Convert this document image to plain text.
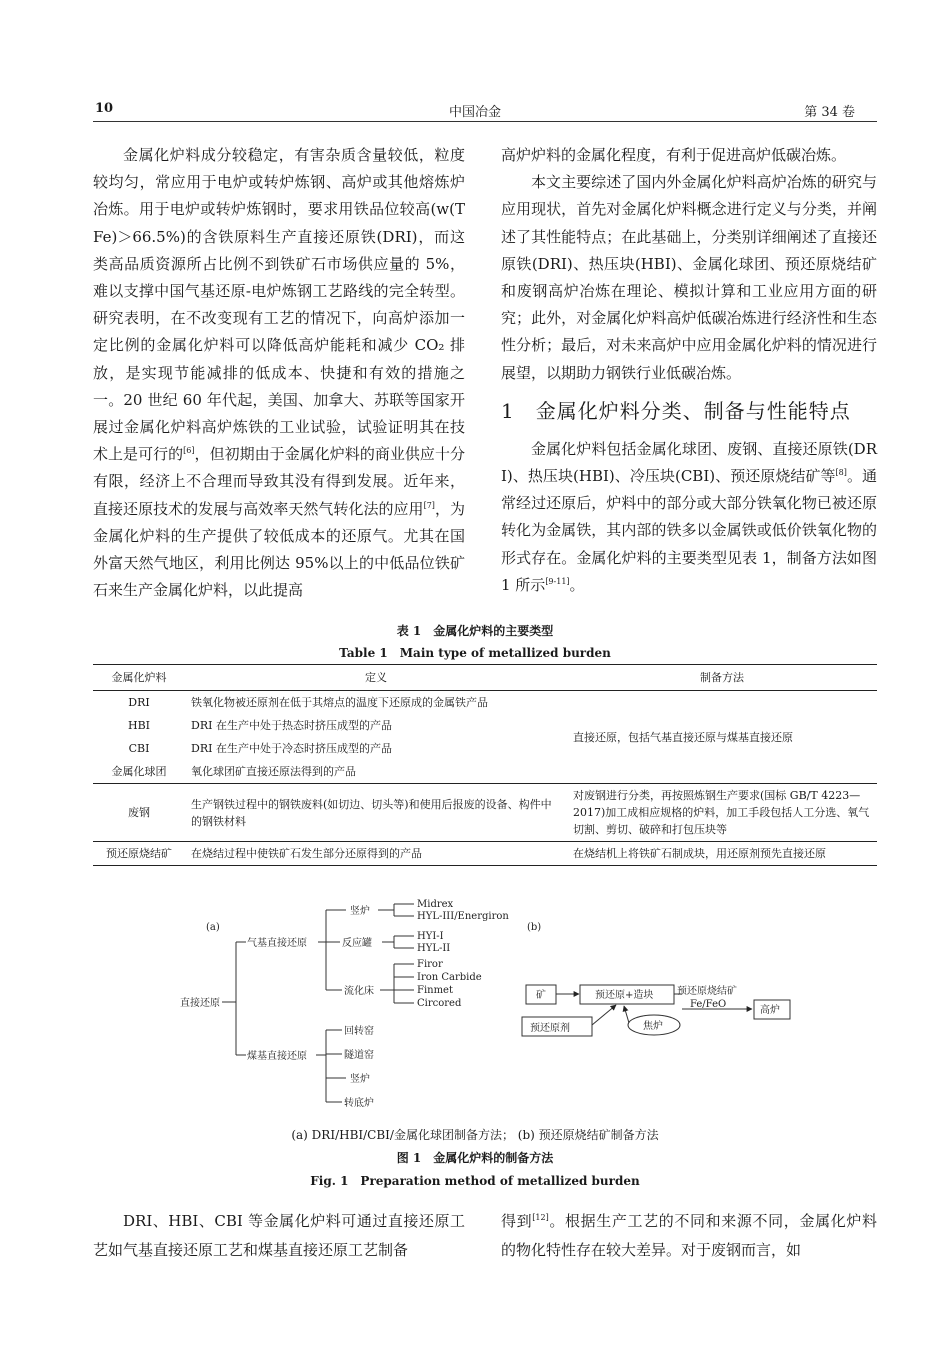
10	中国冶金	第 34 卷

金属化炉料成分较稳定，有害杂质含量较低，粒度较均匀，常应用于电炉或转炉炼钢、高炉或其他熔炼炉冶炼。用于电炉或转炉炼钢时，要求用铁品位较高(w(TFe)＞66.5%)的含铁原料生产直接还原铁(DRI)，而这类高品质资源所占比例不到铁矿石市场供应量的 5%，难以支撑中国气基还原-电炉炼钢工艺路线的完全转型。研究表明，在不改变现有工艺的情况下，向高炉添加一定比例的金属化炉料可以降低高炉能耗和减少 CO₂ 排放，是实现节能减排的低成本、快捷和有效的措施之一。20 世纪 60 年代起，美国、加拿大、苏联等国家开展过金属化炉料高炉炼铁的工业试验，试验证明其在技术上是可行的[6]，但初期由于金属化炉料的商业供应十分有限，经济上不合理而导致其没有得到发展。近年来，直接还原技术的发展与高效率天然气转化法的应用[7]，为金属化炉料的生产提供了较低成本的还原气。尤其在国外富天然气地区，利用比例达 95%以上的中低品位铁矿石来生产金属化炉料，以此提高

高炉炉料的金属化程度，有利于促进高炉低碳冶炼。

本文主要综述了国内外金属化炉料高炉冶炼的研究与应用现状，首先对金属化炉料概念进行定义与分类，并阐述了其性能特点；在此基础上，分类别详细阐述了直接还原铁(DRI)、热压块(HBI)、金属化球团、预还原烧结矿和废钢高炉冶炼在理论、模拟计算和工业应用方面的研究；此外，对金属化炉料高炉低碳冶炼进行经济性和生态性分析；最后，对未来高炉中应用金属化炉料的情况进行展望，以期助力钢铁行业低碳冶炼。

1　金属化炉料分类、制备与性能特点

金属化炉料包括金属化球团、废钢、直接还原铁(DRI)、热压块(HBI)、冷压块(CBI)、预还原烧结矿等[8]。通常经过还原后，炉料中的部分或大部分铁氧化物已被还原转化为金属铁，其内部的铁多以金属铁或低价铁氧化物的形式存在。金属化炉料的主要类型见表 1，制备方法如图 1 所示[9-11]。

表 1　金属化炉料的主要类型
Table 1　Main type of metallized burden
金属化炉料	定义	制备方法
DRI	铁氧化物被还原剂在低于其熔点的温度下还原成的金属铁产品	直接还原，包括气基直接还原与煤基直接还原
HBI	DRI 在生产中处于热态时挤压成型的产品	
CBI	DRI 在生产中处于冷态时挤压成型的产品	
金属化球团	氧化球团矿直接还原法得到的产品	
废钢	生产钢铁过程中的钢铁废料(如切边、切头等)和使用后报废的设备、构件中的钢铁材料	对废钢进行分类，再按照炼钢生产要求(国标 GB/T 4223—2017)加工成相应规格的炉料，加工手段包括人工分选、氧气切割、剪切、破碎和打包压块等
预还原烧结矿	在烧结过程中使铁矿石发生部分还原得到的产品	在烧结机上将铁矿石制成块，用还原剂预先直接还原
(a)
直接还原
气基直接还原
煤基直接还原
竖炉
反应罐
流化床
Midrex
HYL-III/Energiron
HYI-I
HYL-II
Firor
Iron Carbide
Finmet
Circored
回转窑
隧道窑
竖炉
转底炉
(b)
矿	预还原+造块 预还原烧结矿
Fe/FeO
高炉
预还原剂	焦炉
(a) DRI/HBI/CBI/金属化球团制备方法； (b) 预还原烧结矿制备方法
图 1　金属化炉料的制备方法
Fig. 1　Preparation method of metallized burden

DRI、HBI、CBI 等金属化炉料可通过直接还原工艺如气基直接还原工艺和煤基直接还原工艺制备

得到[12]。根据生产工艺的不同和来源不同，金属化炉料的物化特性存在较大差异。对于废钢而言，如
